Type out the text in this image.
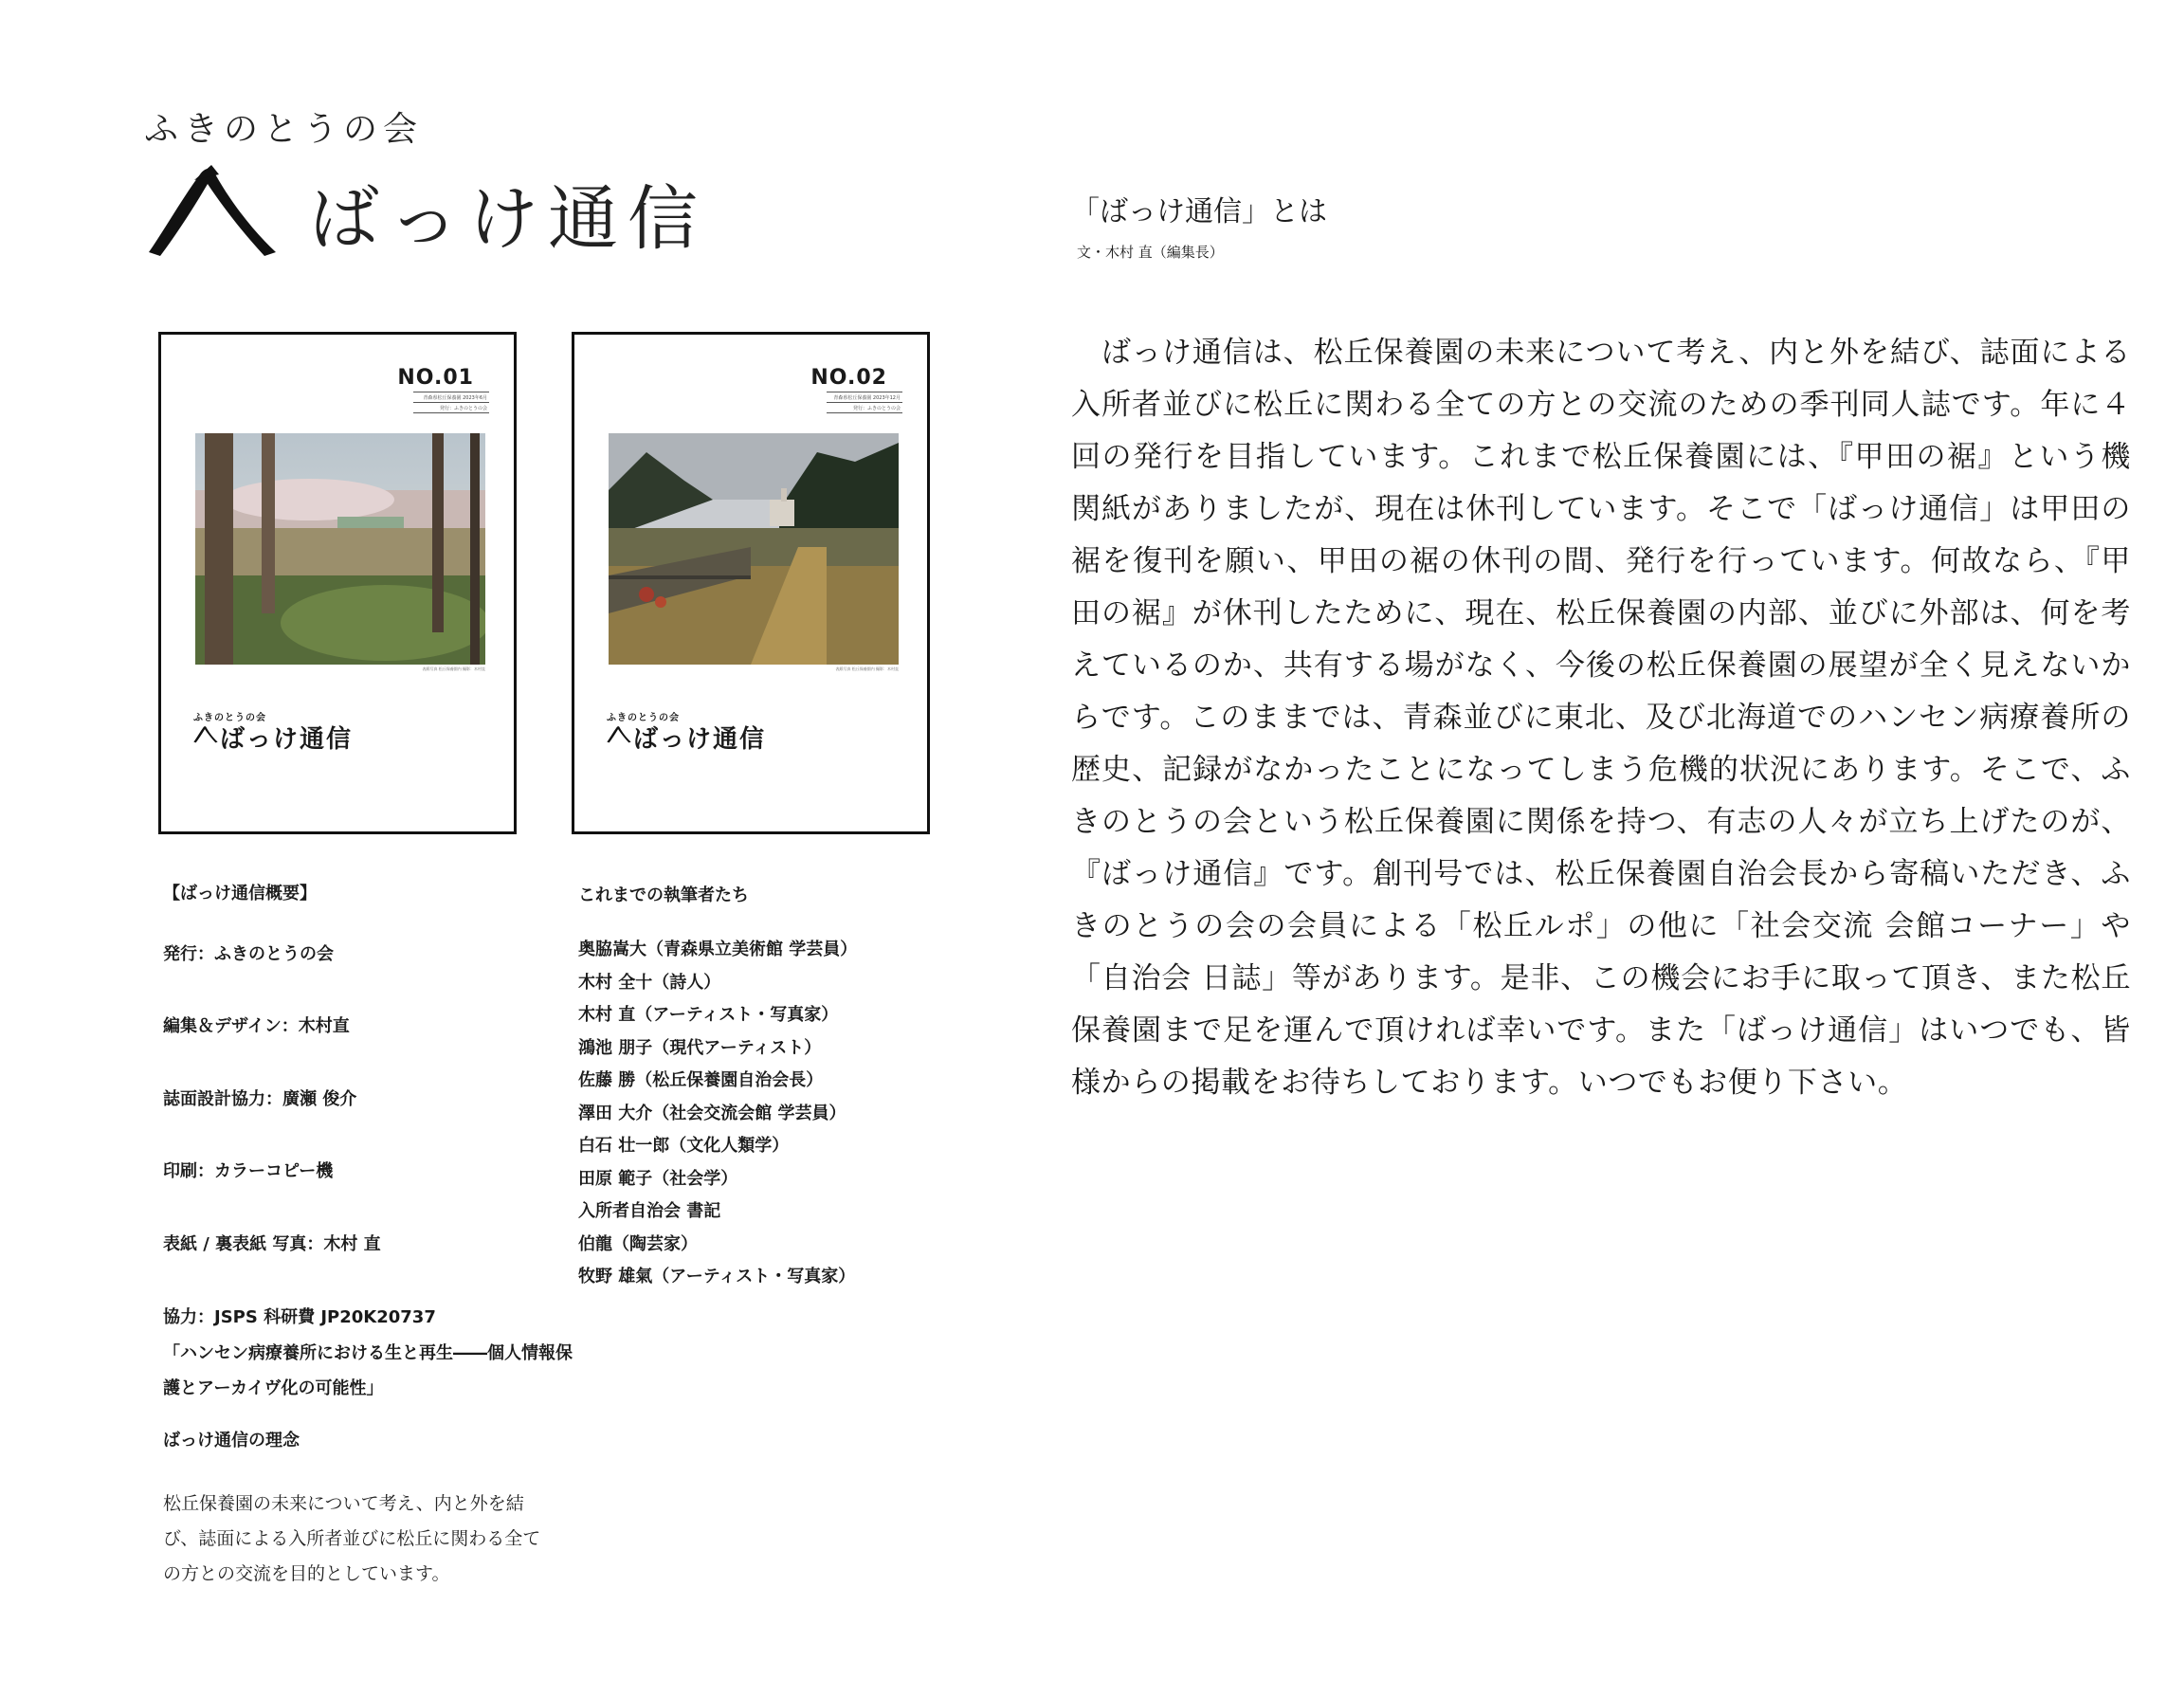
ふきのとうの会
ばっけ通信
NO.01
青森県松丘保養園 2023年6月
発行：ふきのとうの会
表紙写真 松丘保養園内 撮影：木村直
ふきのとうの会
ばっけ通信
NO.02
青森県松丘保養園 2023年12月
発行：ふきのとうの会
表紙写真 松丘保養園内 撮影：木村直
ふきのとうの会
ばっけ通信
【ばっけ通信概要】
発行：ふきのとうの会
編集＆デザイン：木村直
誌面設計協力：廣瀬 俊介
印刷：カラーコピー機
表紙 / 裏表紙 写真：木村 直
協力：JSPS 科研費 JP20K20737
「ハンセン病療養所における生と再生――個人情報保
護とアーカイヴ化の可能性」
ばっけ通信の理念
松丘保養園の未来について考え、内と外を結び、誌面による入所者並びに松丘に関わる全ての方との交流を目的としています。
これまでの執筆者たち
奥脇嵩大（青森県立美術館 学芸員）
木村 全十（詩人）
木村 直（アーティスト・写真家）
鴻池 朋子（現代アーティスト）
佐藤 勝（松丘保養園自治会長）
澤田 大介（社会交流会館 学芸員）
白石 壮一郎（文化人類学）
田原 範子（社会学）
入所者自治会 書記
伯龍（陶芸家）
牧野 雄氣（アーティスト・写真家）
「ばっけ通信」とは
文・木村 直（編集長）

　ばっけ通信は、松丘保養園の未来について考え、内と外を結び、誌面による入所者並びに松丘に関わる全ての方との交流のための季刊同人誌です。年に４回の発行を目指しています。これまで松丘保養園には、『甲田の裾』という機関紙がありましたが、現在は休刊しています。そこで「ばっけ通信」は甲田の裾を復刊を願い、甲田の裾の休刊の間、発行を行っています。何故なら、『甲田の裾』が休刊したために、現在、松丘保養園の内部、並びに外部は、何を考えているのか、共有する場がなく、今後の松丘保養園の展望が全く見えないからです。このままでは、青森並びに東北、及び北海道でのハンセン病療養所の歴史、記録がなかったことになってしまう危機的状況にあります。そこで、ふきのとうの会という松丘保養園に関係を持つ、有志の人々が立ち上げたのが、『ばっけ通信』です。創刊号では、松丘保養園自治会長から寄稿いただき、ふきのとうの会の会員による「松丘ルポ」の他に「社会交流 会館コーナー」や「自治会 日誌」等があります。是非、この機会にお手に取って頂き、また松丘保養園まで足を運んで頂ければ幸いです。また「ばっけ通信」はいつでも、皆様からの掲載をお待ちしております。いつでもお便り下さい。
